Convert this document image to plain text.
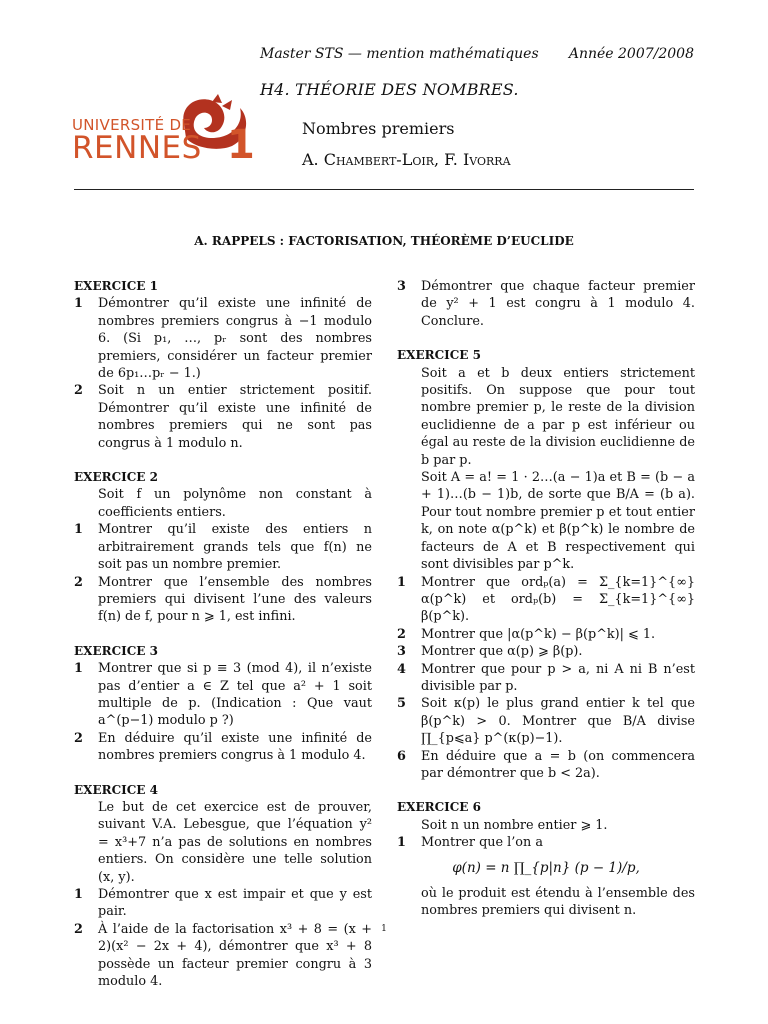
Master STS — mention mathématiques Année 2007/2008
UNIVERSITÉ DE
RENNES 1
H4. THÉORIE DES NOMBRES.
Nombres premiers
A. Chambert-Loir, F. Ivorra
A. RAPPELS : FACTORISATION, THÉORÈME D’EUCLIDE
EXERCICE 1
1	Démontrer qu’il existe une infinité de nombres premiers congrus à −1 modulo 6. (Si p₁, …, pᵣ sont des nombres premiers, considérer un facteur premier de 6p₁…pᵣ − 1.)
2	Soit n un entier strictement positif. Démontrer qu’il existe une infinité de nombres premiers qui ne sont pas congrus à 1 modulo n.
EXERCICE 2
Soit f un polynôme non constant à coefficients entiers.
1	Montrer qu’il existe des entiers n arbitrairement grands tels que f(n) ne soit pas un nombre premier.
2	Montrer que l’ensemble des nombres premiers qui divisent l’une des valeurs f(n) de f, pour n ⩾ 1, est infini.
EXERCICE 3
1	Montrer que si p ≡ 3 (mod 4), il n’existe pas d’entier a ∈ Z tel que a² + 1 soit multiple de p. (Indication : Que vaut a^(p−1) modulo p ?)
2	En déduire qu’il existe une infinité de nombres premiers congrus à 1 modulo 4.
EXERCICE 4
Le but de cet exercice est de prouver, suivant V.A. Lebesgue, que l’équation y² = x³+7 n’a pas de solutions en nombres entiers. On considère une telle solution (x, y).
1	Démontrer que x est impair et que y est pair.
2	À l’aide de la factorisation x³ + 8 = (x + 2)(x² − 2x + 4), démontrer que x³ + 8 possède un facteur premier congru à 3 modulo 4.
3	Démontrer que chaque facteur premier de y² + 1 est congru à 1 modulo 4. Conclure.
EXERCICE 5
Soit a et b deux entiers strictement positifs. On suppose que pour tout nombre premier p, le reste de la division euclidienne de a par p est inférieur ou égal au reste de la division euclidienne de b par p.
Soit A = a! = 1 · 2…(a − 1)a et B = (b − a + 1)…(b − 1)b, de sorte que B/A = (b a). Pour tout nombre premier p et tout entier k, on note α(p^k) et β(p^k) le nombre de facteurs de A et B respectivement qui sont divisibles par p^k.
1	Montrer que ordₚ(a) = Σ_{k=1}^{∞} α(p^k) et ordₚ(b) = Σ_{k=1}^{∞} β(p^k).
2	Montrer que |α(p^k) − β(p^k)| ⩽ 1.
3	Montrer que α(p) ⩾ β(p).
4	Montrer que pour p > a, ni A ni B n’est divisible par p.
5	Soit κ(p) le plus grand entier k tel que β(p^k) > 0. Montrer que B/A divise ∏_{p⩽a} p^(κ(p)−1).
6	En déduire que a = b (on commencera par démontrer que b < 2a).
EXERCICE 6
Soit n un nombre entier ⩾ 1.
1	Montrer que l’on a
φ(n) = n ∏_{p|n} (p − 1)/p,
où le produit est étendu à l’ensemble des nombres premiers qui divisent n.
1
